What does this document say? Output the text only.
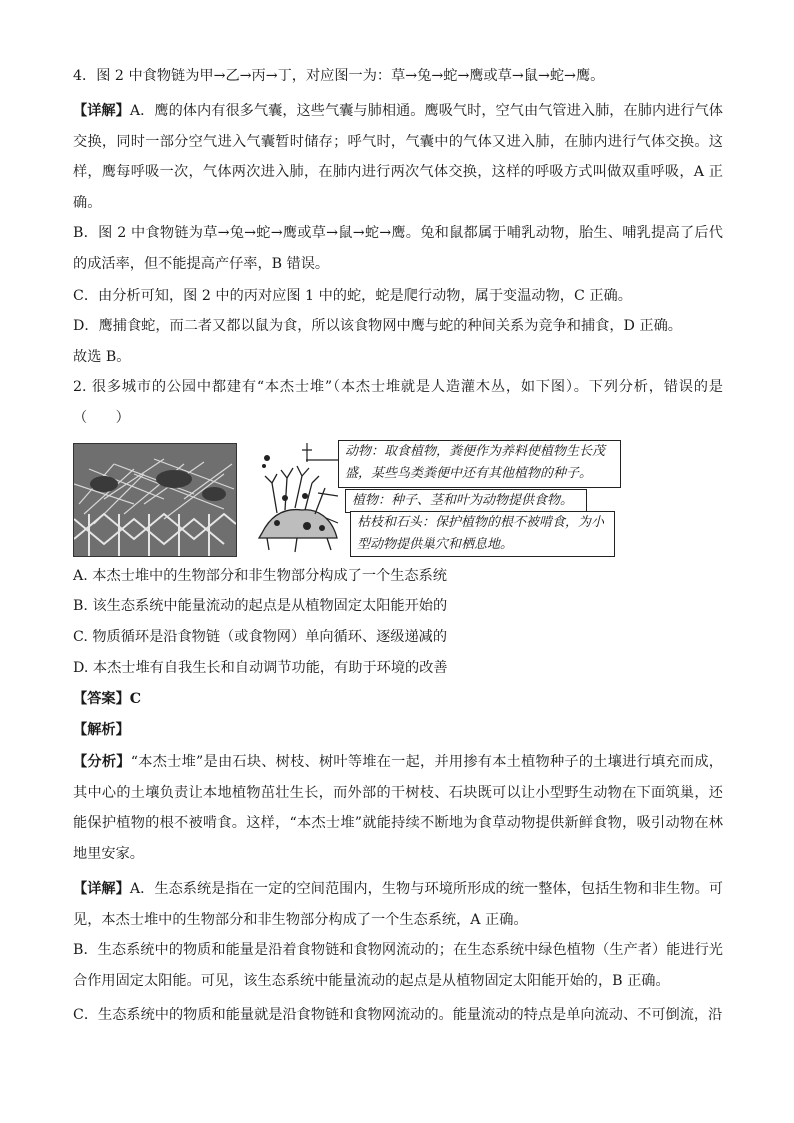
4．图 2 中食物链为甲→乙→丙→丁，对应图一为：草→兔→蛇→鹰或草→鼠→蛇→鹰。

【详解】A．鹰的体内有很多气囊，这些气囊与肺相通。鹰吸气时，空气由气管进入肺，在肺内进行气体交换，同时一部分空气进入气囊暂时储存；呼气时，气囊中的气体又进入肺，在肺内进行气体交换。这样，鹰每呼吸一次，气体两次进入肺，在肺内进行两次气体交换，这样的呼吸方式叫做双重呼吸，A 正确。

B．图 2 中食物链为草→兔→蛇→鹰或草→鼠→蛇→鹰。兔和鼠都属于哺乳动物，胎生、哺乳提高了后代的成活率，但不能提高产仔率，B 错误。

C．由分析可知，图 2 中的丙对应图 1 中的蛇，蛇是爬行动物，属于变温动物，C 正确。

D．鹰捕食蛇，而二者又都以鼠为食，所以该食物网中鹰与蛇的种间关系为竞争和捕食，D 正确。

故选 B。

2. 很多城市的公园中都建有“本杰士堆”（本杰士堆就是人造灌木丛，如下图）。下列分析，错误的是（　　）

动物：取食植物，粪便作为养料使植物生长茂盛，某些鸟类粪便中还有其他植物的种子。
植物：种子、茎和叶为动物提供食物。
枯枝和石头：保护植物的根不被啃食，为小型动物提供巢穴和栖息地。
A. 本杰士堆中的生物部分和非生物部分构成了一个生态系统
B. 该生态系统中能量流动的起点是从植物固定太阳能开始的
C. 物质循环是沿食物链（或食物网）单向循环、逐级递减的
D. 本杰士堆有自我生长和自动调节功能，有助于环境的改善
【答案】C
【解析】

【分析】“本杰士堆”是由石块、树枝、树叶等堆在一起，并用掺有本土植物种子的土壤进行填充而成，其中心的土壤负责让本地植物茁壮生长，而外部的干树枝、石块既可以让小型野生动物在下面筑巢，还能保护植物的根不被啃食。这样，“本杰士堆”就能持续不断地为食草动物提供新鲜食物，吸引动物在林地里安家。

【详解】A．生态系统是指在一定的空间范围内，生物与环境所形成的统一整体，包括生物和非生物。可见，本杰士堆中的生物部分和非生物部分构成了一个生态系统，A 正确。

B．生态系统中的物质和能量是沿着食物链和食物网流动的；在生态系统中绿色植物（生产者）能进行光合作用固定太阳能。可见，该生态系统中能量流动的起点是从植物固定太阳能开始的，B 正确。

C．生态系统中的物质和能量就是沿食物链和食物网流动的。能量流动的特点是单向流动、不可倒流，沿
